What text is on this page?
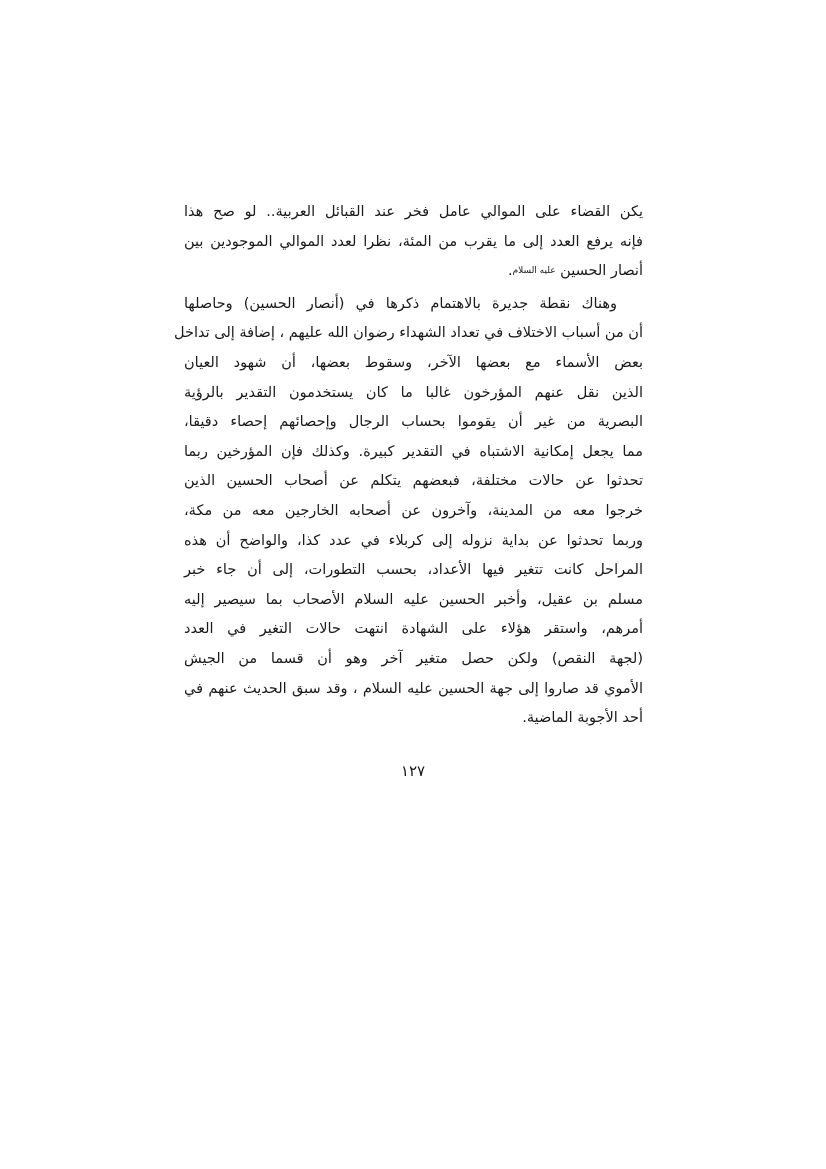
يكن القضاء على الموالي عامل فخر عند القبائل العربية.. لو صح هذا
فإنه يرفع العدد إلى ما يقرب من المئة، نظرا لعدد الموالي الموجودين بين
أنصار الحسين عليه السلام.
وهناك نقطة جديرة بالاهتمام ذكرها في (أنصار الحسين) وحاصلها
أن من أسباب الاختلاف في تعداد الشهداء رضوان الله عليهم ، إضافة إلى تداخل
بعض الأسماء مع بعضها الآخر، وسقوط بعضها، أن شهود العيان
الذين نقل عنهم المؤرخون غالبا ما كان يستخدمون التقدير بالرؤية
البصرية من غير أن يقوموا بحساب الرجال وإحصائهم إحصاء دقيقا،
مما يجعل إمكانية الاشتباه في التقدير كبيرة. وكذلك فإن المؤرخين ربما
تحدثوا عن حالات مختلفة، فبعضهم يتكلم عن أصحاب الحسين الذين
خرجوا معه من المدينة، وآخرون عن أصحابه الخارجين معه من مكة،
وربما تحدثوا عن بداية نزوله إلى كربلاء في عدد كذا، والواضح أن هذه
المراحل كانت تتغير فيها الأعداد، بحسب التطورات، إلى أن جاء خبر
مسلم بن عقيل، وأخبر الحسين عليه السلام الأصحاب بما سيصير إليه
أمرهم، واستقر هؤلاء على الشهادة انتهت حالات التغير في العدد
(لجهة النقص) ولكن حصل متغير آخر وهو أن قسما من الجيش
الأموي قد صاروا إلى جهة الحسين عليه السلام ، وقد سبق الحديث عنهم في
أحد الأجوبة الماضية.
١٢٧
